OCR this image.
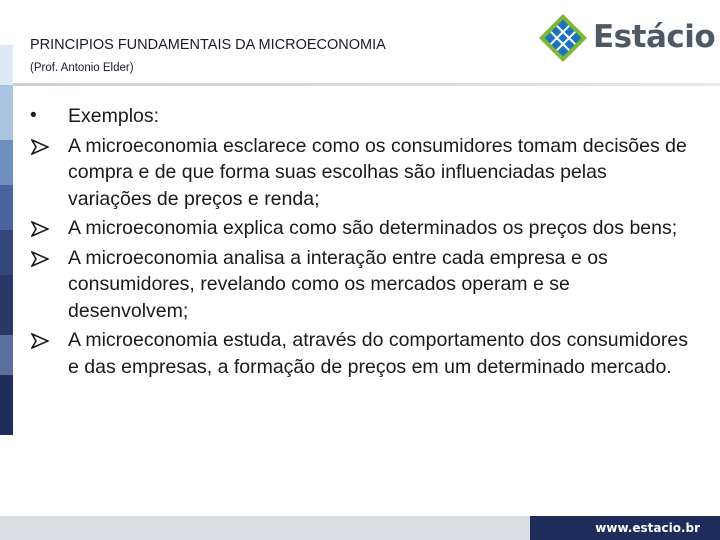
PRINCIPIOS FUNDAMENTAIS DA MICROECONOMIA
(Prof. Antonio Elder)
Estácio
•	Exemplos:
A microeconomia esclarece como os consumidores tomam decisões de compra e de que forma suas escolhas são influenciadas pelas variações de preços e renda;
A microeconomia explica como são determinados os preços dos bens;
A microeconomia analisa a interação entre cada empresa e os consumidores, revelando como os mercados operam e se desenvolvem;
A microeconomia estuda, através do comportamento dos consumidores e das empresas, a formação de preços em um determinado mercado.
www.estacio.br
